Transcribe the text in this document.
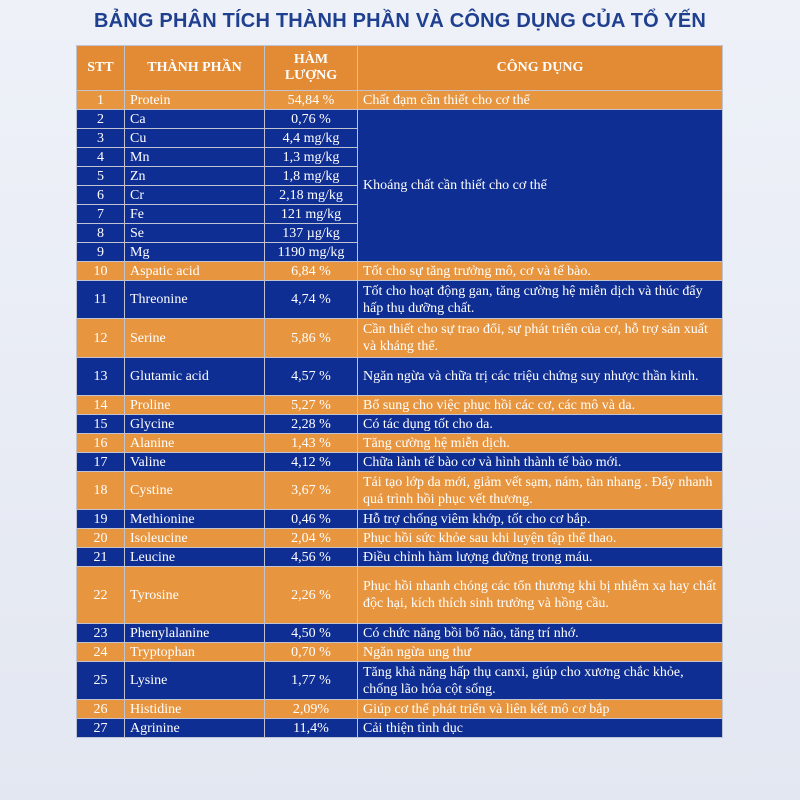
BẢNG PHÂN TÍCH THÀNH PHẦN VÀ CÔNG DỤNG CỦA TỔ YẾN
STT	THÀNH PHẦN	HÀM LƯỢNG	CÔNG DỤNG
1	Protein	54,84 %	Chất đạm cần thiết cho cơ thể
2	Ca	0,76 %	Khoáng chất cần thiết cho cơ thể
3	Cu	4,4 mg/kg	
4	Mn	1,3 mg/kg	
5	Zn	1,8 mg/kg	
6	Cr	2,18 mg/kg	
7	Fe	121 mg/kg	
8	Se	137 µg/kg	
9	Mg	1190 mg/kg	
10	Aspatic acid	6,84 %	Tốt cho sự tăng trưởng mô, cơ và tế bào.
11	Threonine	4,74 %	Tốt cho hoạt động gan, tăng cường hệ miễn dịch và thúc đẩy hấp thụ dưỡng chất.
12	Serine	5,86 %	Cần thiết cho sự trao đổi, sự phát triển của cơ, hỗ trợ sản xuất và kháng thể.
13	Glutamic acid	4,57 %	Ngăn ngừa và chữa trị các triệu chứng suy nhược thần kinh.
14	Proline	5,27 %	Bổ sung cho việc phục hồi các cơ, các mô và da.
15	Glycine	2,28 %	Có tác dụng tốt cho da.
16	Alanine	1,43 %	Tăng cường hệ miễn dịch.
17	Valine	4,12 %	Chữa lành tế bào cơ và hình thành tế bào mới.
18	Cystine	3,67 %	Tái tạo lớp da mới, giảm vết sạm, nám, tàn nhang . Đẩy nhanh quá trình hồi phục vết thương.
19	Methionine	0,46 %	Hỗ trợ chống viêm khớp, tốt cho cơ bắp.
20	Isoleucine	2,04 %	Phục hồi sức khỏe sau khi luyện tập thể thao.
21	Leucine	4,56 %	Điều chỉnh hàm lượng đường trong máu.
22	Tyrosine	2,26 %	Phục hồi nhanh chóng các tổn thương khi bị nhiễm xạ hay chất độc hại, kích thích sinh trưởng và hồng cầu.
23	Phenylalanine	4,50 %	Có chức năng bồi bổ não, tăng trí nhớ.
24	Tryptophan	0,70 %	Ngăn ngừa ung thư
25	Lysine	1,77 %	Tăng khả năng hấp thụ canxi, giúp cho xương chắc khỏe, chống lão hóa cột sống.
26	Histidine	2,09%	Giúp cơ thể phát triển và liên kết mô cơ bắp
27	Agrinine	11,4%	Cải thiện tình dục
